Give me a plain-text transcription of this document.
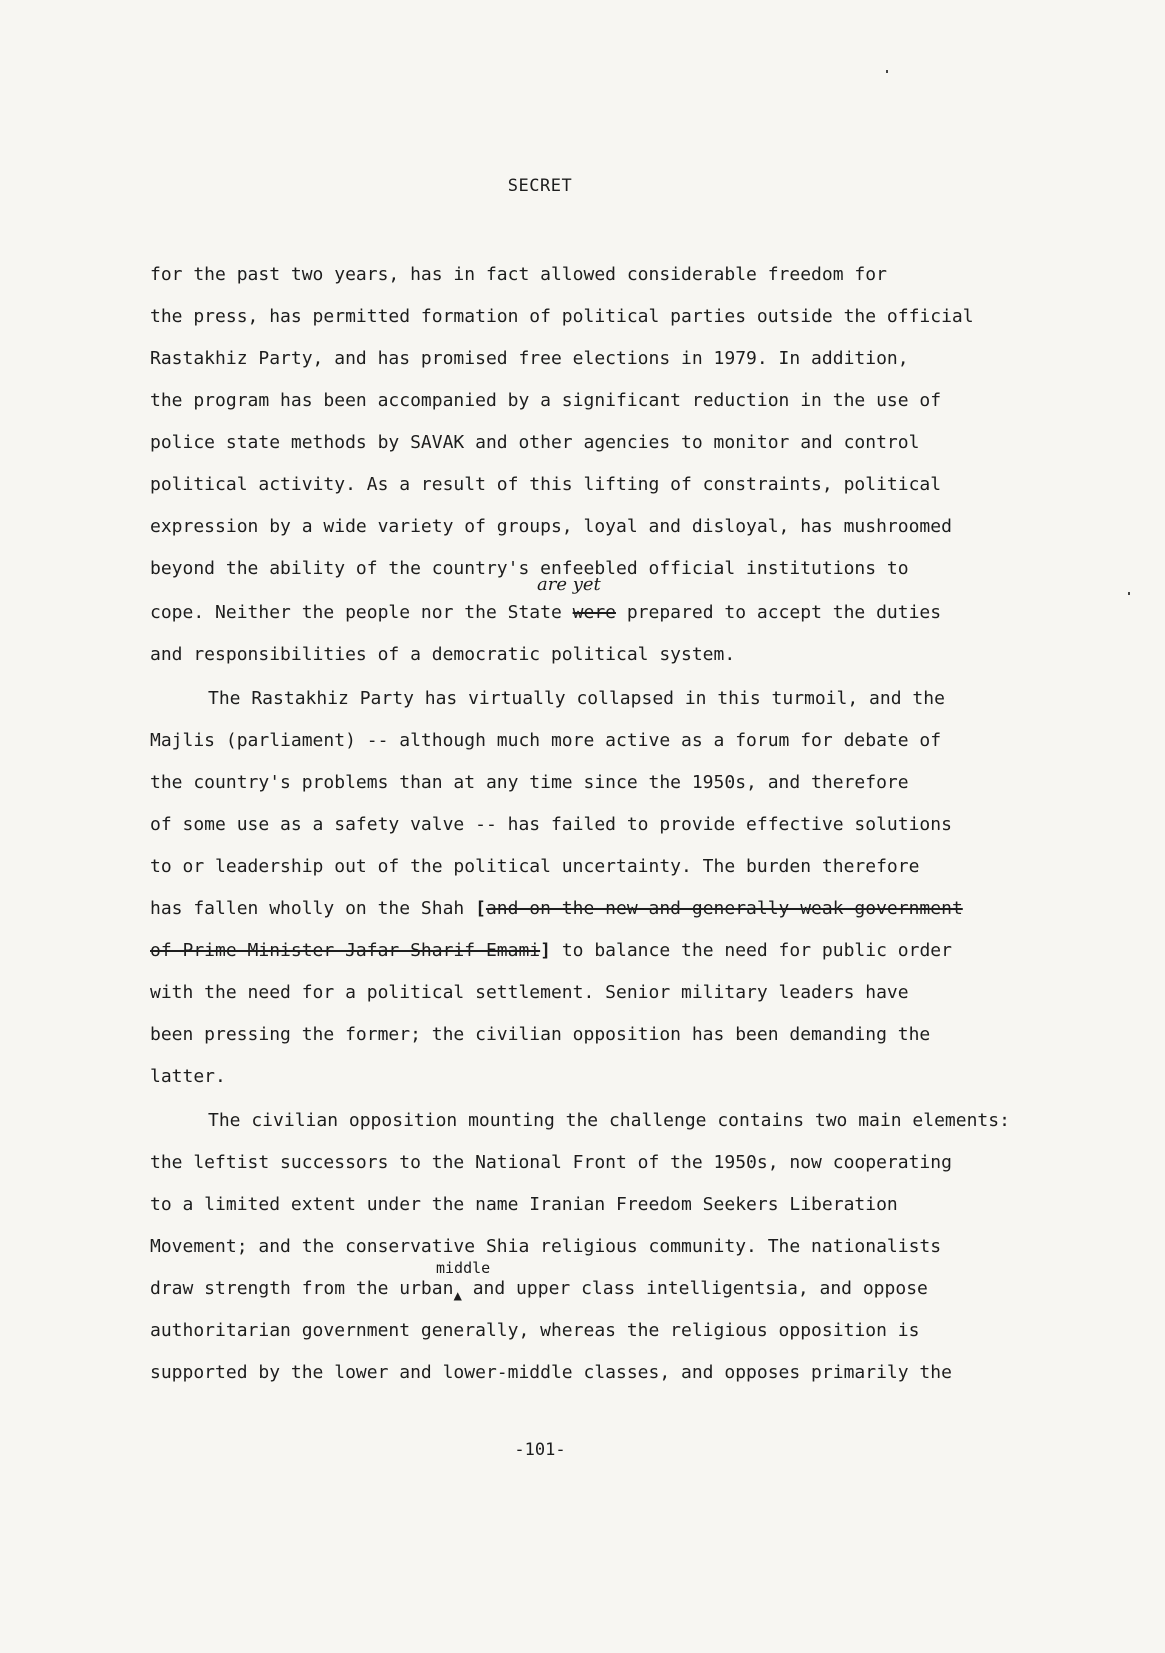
SECRET
for the past two years, has in fact allowed considerable freedom for
the press, has permitted formation of political parties outside the official
Rastakhiz Party, and has promised free elections in 1979. In addition,
the program has been accompanied by a significant reduction in the use of
police state methods by SAVAK and other agencies to monitor and control
political activity. As a result of this lifting of constraints, political
expression by a wide variety of groups, loyal and disloyal, has mushroomed
beyond the ability of the country's enfeebled official institutions to
are yet
cope. Neither the people nor the State were prepared to accept the duties
and responsibilities of a democratic political system.
The Rastakhiz Party has virtually collapsed in this turmoil, and the
Majlis (parliament) -- although much more active as a forum for debate of
the country's problems than at any time since the 1950s, and therefore
of some use as a safety valve -- has failed to provide effective solutions
to or leadership out of the political uncertainty. The burden therefore
has fallen wholly on the Shah [and on the new and generally weak government
of Prime Minister Jafar Sharif-Emami] to balance the need for public order
with the need for a political settlement. Senior military leaders have
been pressing the former; the civilian opposition has been demanding the
latter.
The civilian opposition mounting the challenge contains two main elements:
the leftist successors to the National Front of the 1950s, now cooperating
to a limited extent under the name Iranian Freedom Seekers Liberation
Movement; and the conservative Shia religious community. The nationalists
middle
draw strength from the urban$_▲$ and upper class intelligentsia, and oppose
authoritarian government generally, whereas the religious opposition is
supported by the lower and lower-middle classes, and opposes primarily the
-101-
